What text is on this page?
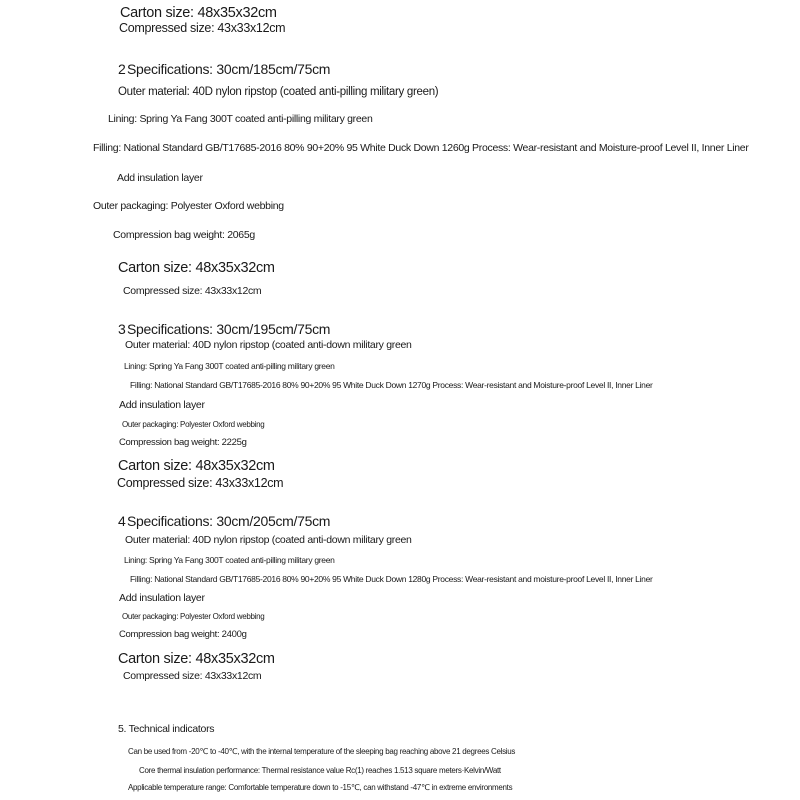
Carton size: 48x35x32cm
Compressed size: 43x33x12cm
2 Specifications: 30cm/185cm/75cm
Outer material: 40D nylon ripstop (coated anti-pilling military green)
Lining: Spring Ya Fang 300T coated anti-pilling military green
Filling: National Standard GB/T17685-2016 80% 90+20% 95 White Duck Down 1260g Process: Wear-resistant and Moisture-proof Level II, Inner Liner
Add insulation layer
Outer packaging: Polyester Oxford webbing
Compression bag weight: 2065g
Carton size: 48x35x32cm
Compressed size: 43x33x12cm
3 Specifications: 30cm/195cm/75cm
Outer material: 40D nylon ripstop (coated anti-down military green
Lining: Spring Ya Fang 300T coated anti-pilling military green
Filling: National Standard GB/T17685-2016 80% 90+20% 95 White Duck Down 1270g Process: Wear-resistant and Moisture-proof Level II, Inner Liner
Add insulation layer
Outer packaging: Polyester Oxford webbing
Compression bag weight: 2225g
Carton size: 48x35x32cm
Compressed size: 43x33x12cm
4 Specifications: 30cm/205cm/75cm
Outer material: 40D nylon ripstop (coated anti-down military green
Lining: Spring Ya Fang 300T coated anti-pilling military green
Filling: National Standard GB/T17685-2016 80% 90+20% 95 White Duck Down 1280g Process: Wear-resistant and moisture-proof Level II, Inner Liner
Add insulation layer
Outer packaging: Polyester Oxford webbing
Compression bag weight: 2400g
Carton size: 48x35x32cm
Compressed size: 43x33x12cm
5. Technical indicators
Can be used from -20℃ to -40℃, with the internal temperature of the sleeping bag reaching above 21 degrees Celsius
Core thermal insulation performance: Thermal resistance value Rc(1) reaches 1.513 square meters·Kelvin/Watt
Applicable temperature range: Comfortable temperature down to -15℃, can withstand -47℃ in extreme environments
